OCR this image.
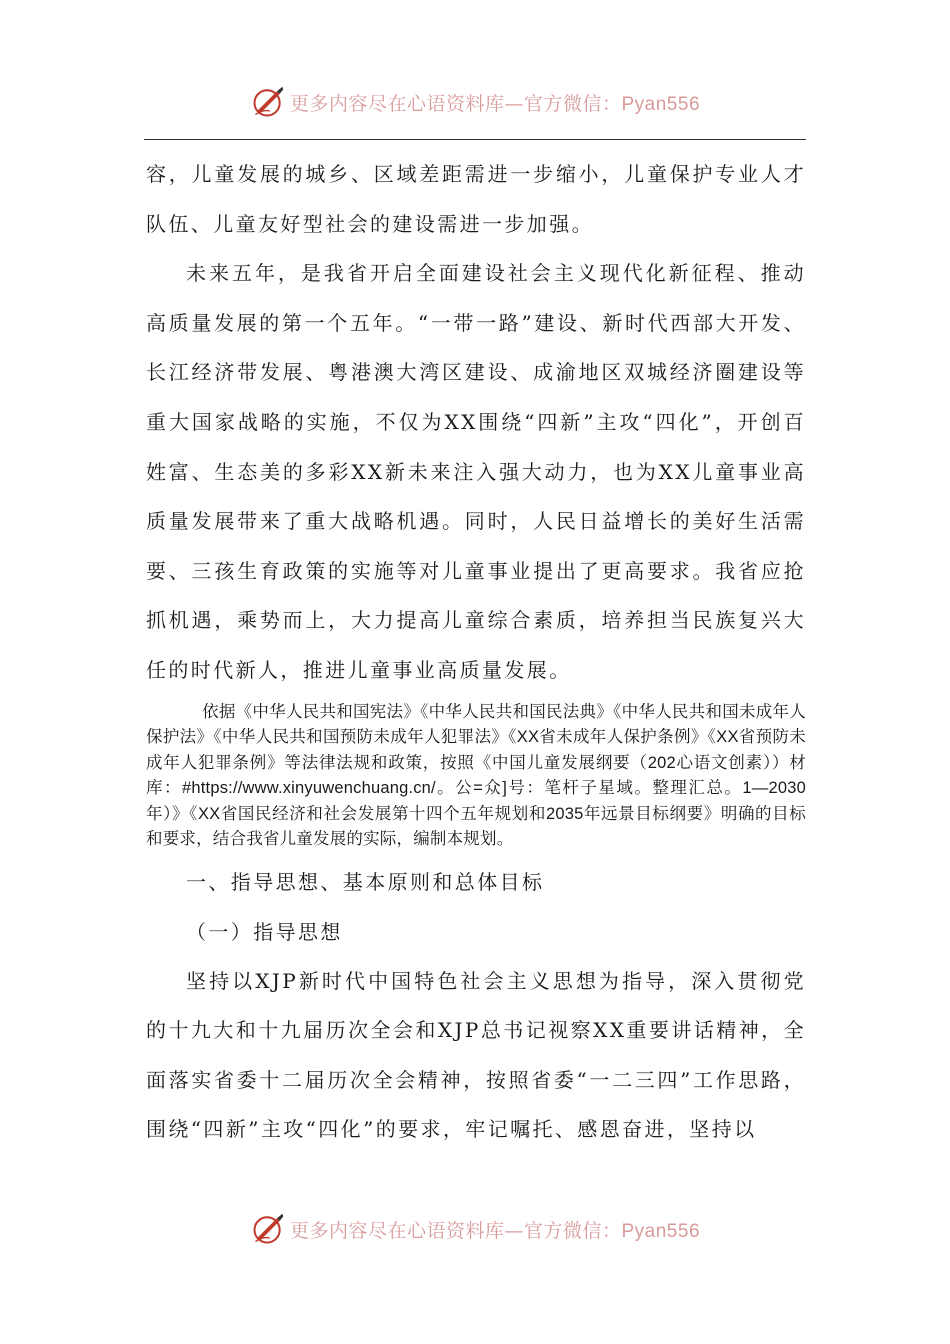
更多内容尽在心语资料库—官方微信：Pyan556

容，儿童发展的城乡、区域差距需进一步缩小，儿童保护专业人才队伍、儿童友好型社会的建设需进一步加强。

未来五年，是我省开启全面建设社会主义现代化新征程、推动高质量发展的第一个五年。“一带一路”建设、新时代西部大开发、长江经济带发展、粤港澳大湾区建设、成渝地区双城经济圈建设等重大国家战略的实施，不仅为XX围绕“四新”主攻“四化”，开创百姓富、生态美的多彩XX新未来注入强大动力，也为XX儿童事业高质量发展带来了重大战略机遇。同时，人民日益增长的美好生活需要、三孩生育政策的实施等对儿童事业提出了更高要求。我省应抢抓机遇，乘势而上，大力提高儿童综合素质，培养担当民族复兴大任的时代新人，推进儿童事业高质量发展。

依据《中华人民共和国宪法》《中华人民共和国民法典》《中华人民共和国未成年人保护法》《中华人民共和国预防未成年人犯罪法》《XX省未成年人保护条例》《XX省预防未成年人犯罪条例》等法律法规和政策，按照《中国儿童发展纲要（202心语文创素））材库：#https://www.xinyuwenchuang.cn/。公=众]号：笔杆子星域。整理汇总。1—2030年）》《XX省国民经济和社会发展第十四个五年规划和2035年远景目标纲要》明确的目标和要求，结合我省儿童发展的实际，编制本规划。

一、指导思想、基本原则和总体目标

（一）指导思想

坚持以XJP新时代中国特色社会主义思想为指导，深入贯彻党的十九大和十九届历次全会和XJP总书记视察XX重要讲话精神，全面落实省委十二届历次全会精神，按照省委“一二三四”工作思路，围绕“四新”主攻“四化”的要求，牢记嘱托、感恩奋进，坚持以

更多内容尽在心语资料库—官方微信：Pyan556
